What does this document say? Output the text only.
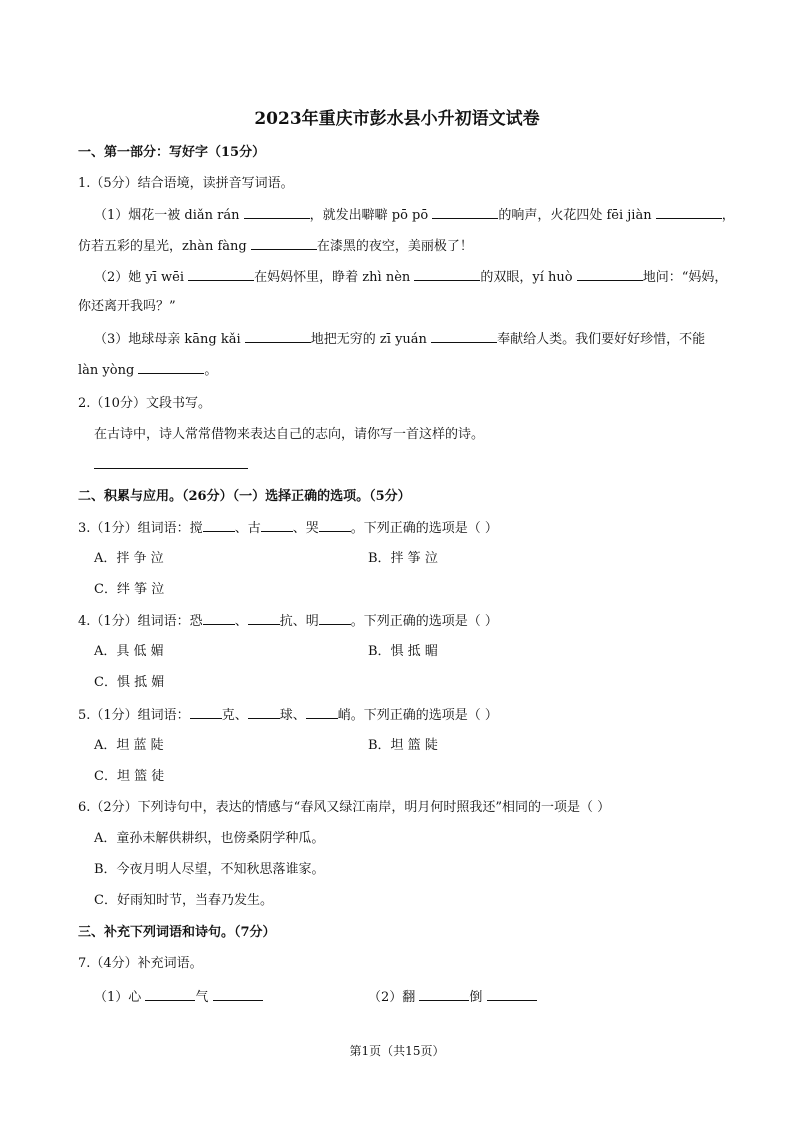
2023年重庆市彭水县小升初语文试卷
一、第一部分：写好字（15分）
1.（5分）结合语境，读拼音写词语。
（1）烟花一被 diǎn rán	，就发出噼噼 pō pō	的响声，火花四处 fēi jiàn	，
仿若五彩的星光，zhàn fàng	在漆黑的夜空，美丽极了！
（2）她 yī wēi	在妈妈怀里，睁着 zhì nèn	的双眼，yí huò	地问：“妈妈，
你还离开我吗？”
（3）地球母亲 kāng kǎi	地把无穷的 zī yuán	奉献给人类。我们要好好珍惜，不能
làn yòng	。
2.（10分）文段书写。
在古诗中，诗人常常借物来表达自己的志向，请你写一首这样的诗。
二、积累与应用。（26分）（一）选择正确的选项。（5分）
3.（1分）组词语：搅 、古 、哭 。下列正确的选项是（ ）
A．拌 争 泣	B．拌 筝 泣
C．绊 筝 泣
4.（1分）组词语：恐 、 抗、明 。下列正确的选项是（ ）
A．具 低 媚	B．惧 抵 睸
C．惧 抵 媚
5.（1分）组词语： 克、 球、 峭。下列正确的选项是（ ）
A．坦 蓝 陡	B．坦 篮 陡
C．坦 篮 徒
6.（2分）下列诗句中，表达的情感与“春风又绿江南岸，明月何时照我还”相同的一项是（ ）
A．童孙未解供耕织，也傍桑阴学种瓜。
B．今夜月明人尽望，不知秋思落谁家。
C．好雨知时节，当春乃发生。
三、补充下列词语和诗句。（7分）
7.（4分）补充词语。
（1）心	气	（2）翻	倒
第1页（共15页）
